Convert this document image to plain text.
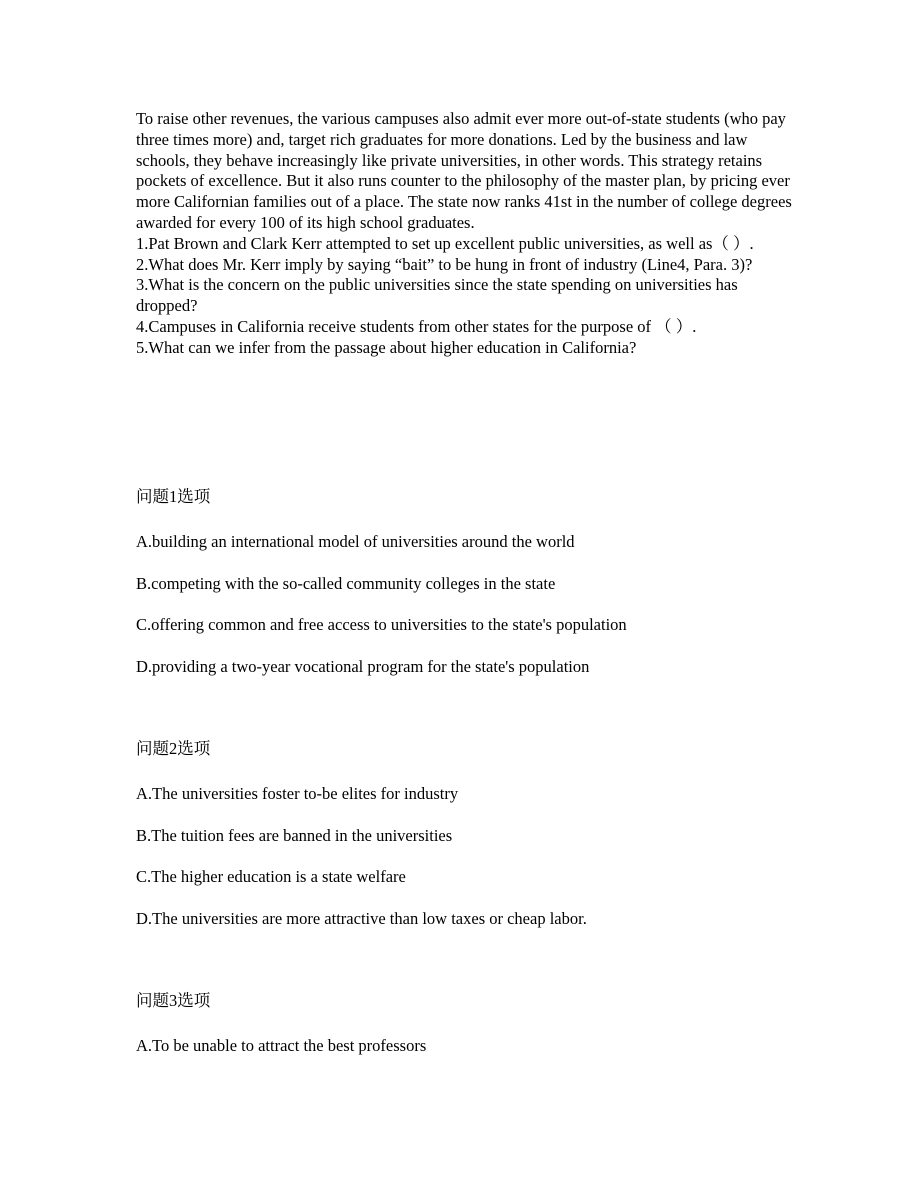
To raise other revenues, the various campuses also admit ever more out-of-state students (who pay three times more) and, target rich graduates for more donations. Led by the business and law schools, they behave increasingly like private universities, in other words. This strategy retains pockets of excellence. But it also runs counter to the philosophy of the master plan, by pricing ever more Californian families out of a place. The state now ranks 41st in the number of college degrees awarded for every 100 of its high school graduates.

1.Pat Brown and Clark Kerr attempted to set up excellent public universities, as well as（ ）.

2.What does Mr. Kerr imply by saying “bait” to be hung in front of industry (Line4, Para. 3)?

3.What is the concern on the public universities since the state spending on universities has dropped?

4.Campuses in California receive students from other states for the purpose of （ ）.

5.What can we infer from the passage about higher education in California?

问题1选项

A.building an international model of universities around the world

B.competing with the so-called community colleges in the state

C.offering common and free access to universities to the state's population

D.providing a two-year vocational program for the state's population

问题2选项

A.The universities foster to-be elites for industry

B.The tuition fees are banned in the universities

C.The higher education is a state welfare

D.The universities are more attractive than low taxes or cheap labor.

问题3选项

A.To be unable to attract the best professors
